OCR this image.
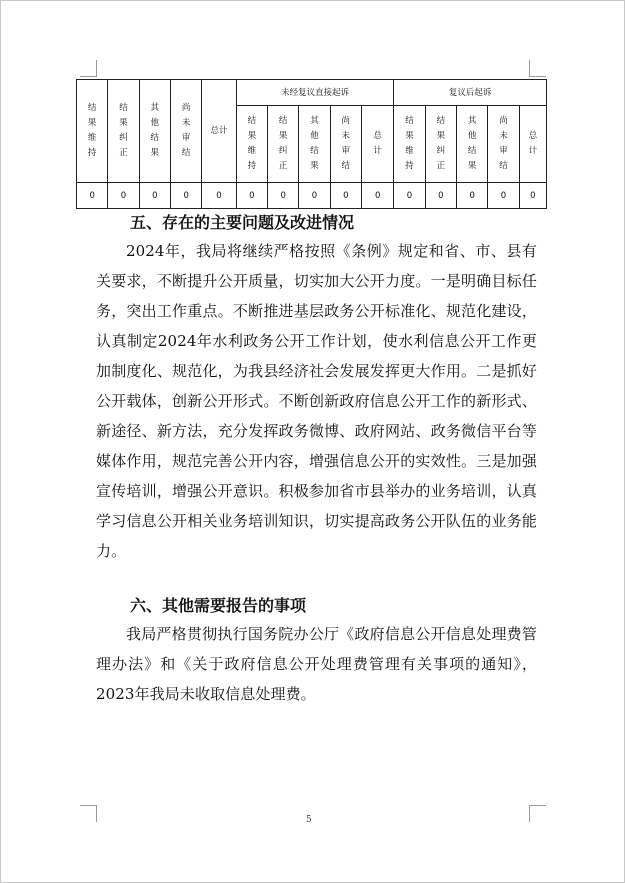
结果维持	结果纠正	其他结果	尚未审结	总计	未经复议直接起诉					复议后起诉				
					结果维持	结果纠正	其他结果	尚未审结	总计	结果维持	结果纠正	其他结果	尚未审结	总计
0	0	0	0	0	0	0	0	0	0	0	0	0	0	0
五、存在的主要问题及改进情况

2024年，我局将继续严格按照《条例》规定和省、市、县有关要求，不断提升公开质量，切实加大公开力度。一是明确目标任务，突出工作重点。不断推进基层政务公开标准化、规范化建设，认真制定2024年水利政务公开工作计划，使水利信息公开工作更加制度化、规范化，为我县经济社会发展发挥更大作用。二是抓好公开载体，创新公开形式。不断创新政府信息公开工作的新形式、新途径、新方法，充分发挥政务微博、政府网站、政务微信平台等媒体作用，规范完善公开内容，增强信息公开的实效性。三是加强宣传培训，增强公开意识。积极参加省市县举办的业务培训，认真学习信息公开相关业务培训知识，切实提高政务公开队伍的业务能力。

六、其他需要报告的事项

我局严格贯彻执行国务院办公厅《政府信息公开信息处理费管理办法》和《关于政府信息公开处理费管理有关事项的通知》，2023年我局未收取信息处理费。

5
